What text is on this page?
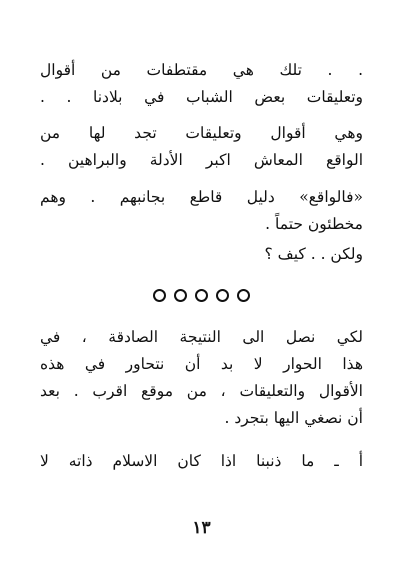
. . تلك هي مقتطفات من أقوال
وتعليقات بعض الشباب في بلادنا . .
وهي أقوال وتعليقات تجد لها من
الواقع المعاش اكبر الأدلة والبراهين .
«فالواقع» دليل قاطع بجانبهم . وهم
مخطئون حتماً .
ولكن . . كيف ؟

لكي نصل الى النتيجة الصادقة ، في
هذا الحوار لا بد أن نتحاور في هذه
الأقوال والتعليقات ، من موقع اقرب . بعد
أن نصغي اليها بتجرد .
أ ـ ما ذنبنا اذا كان الاسلام ذاته لا
١٣
